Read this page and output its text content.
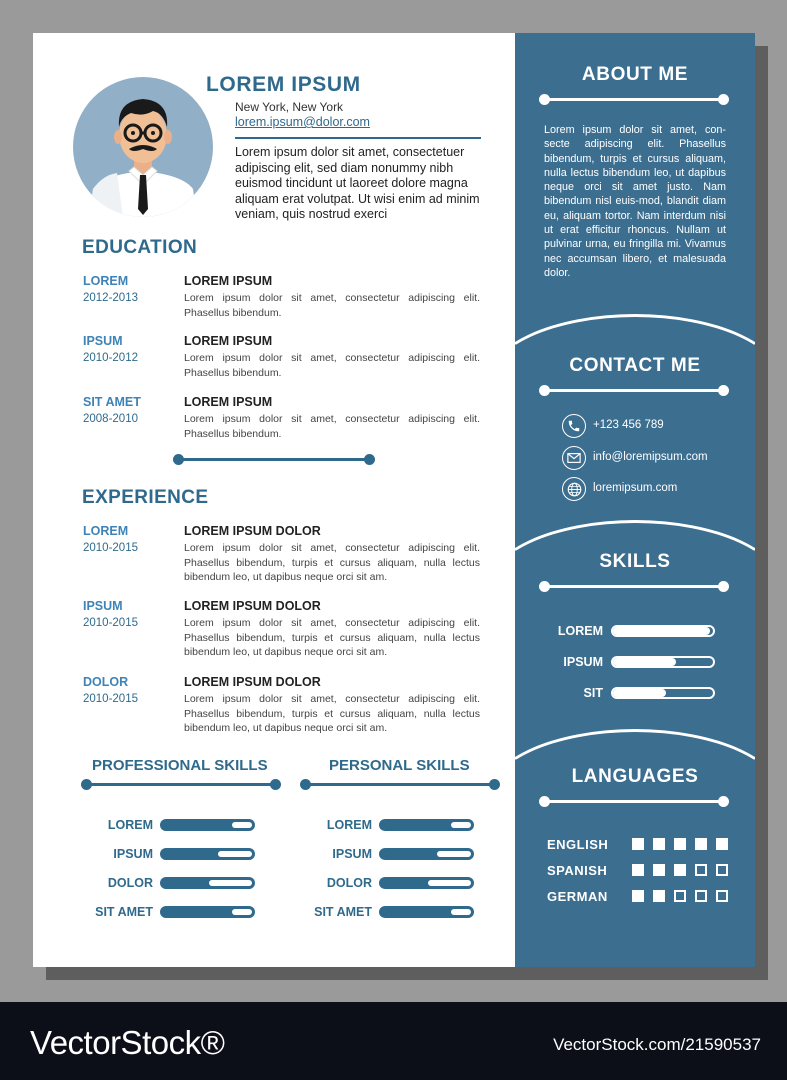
LOREM IPSUM
New York, New York
lorem.ipsum@dolor.com
Lorem ipsum dolor sit amet, consectetuer adipiscing elit, sed diam nonummy nibh euismod tincidunt ut laoreet dolore magna aliquam erat volutpat. Ut wisi enim ad minim veniam, quis nostrud exerci
EDUCATION
LOREM
2012-2013
LOREM IPSUM
Lorem ipsum dolor sit amet, consectetur adipiscing elit. Phasellus bibendum.
IPSUM
2010-2012
LOREM IPSUM
Lorem ipsum dolor sit amet, consectetur adipiscing elit. Phasellus bibendum.
SIT AMET
2008-2010
LOREM IPSUM
Lorem ipsum dolor sit amet, consectetur adipiscing elit. Phasellus bibendum.
EXPERIENCE
LOREM
2010-2015
LOREM IPSUM DOLOR
Lorem ipsum dolor sit amet, consectetur adipiscing elit. Phasellus bibendum, turpis et cursus aliquam, nulla lectus bibendum leo, ut dapibus neque orci sit am.
IPSUM
2010-2015
LOREM IPSUM DOLOR
Lorem ipsum dolor sit amet, consectetur adipiscing elit. Phasellus bibendum, turpis et cursus aliquam, nulla lectus bibendum leo, ut dapibus neque orci sit am.
DOLOR
2010-2015
LOREM IPSUM DOLOR
Lorem ipsum dolor sit amet, consectetur adipiscing elit. Phasellus bibendum, turpis et cursus aliquam, nulla lectus bibendum leo, ut dapibus neque orci sit am.
PROFESSIONAL SKILLS	PERSONAL SKILLS
LOREM
IPSUM
DOLOR
SIT AMET
LOREM
IPSUM
DOLOR
SIT AMET
ABOUT ME
Lorem ipsum dolor sit amet, con-secte adipiscing elit. Phasellus bibendum, turpis et cursus aliquam, nulla lectus bibendum leo, ut dapibus neque orci sit amet justo. Nam bibendum nisl euis-mod, blandit diam eu, aliquam tortor. Nam interdum nisi ut erat efficitur rhoncus. Nullam ut pulvinar urna, eu fringilla mi. Vivamus nec accumsan libero, et malesuada dolor.
CONTACT ME
+123 456 789
info@loremipsum.com
loremipsum.com
SKILLS
LOREM
IPSUM
SIT
LANGUAGES
ENGLISH
SPANISH
GERMAN
VectorStock®	VectorStock.com/21590537
